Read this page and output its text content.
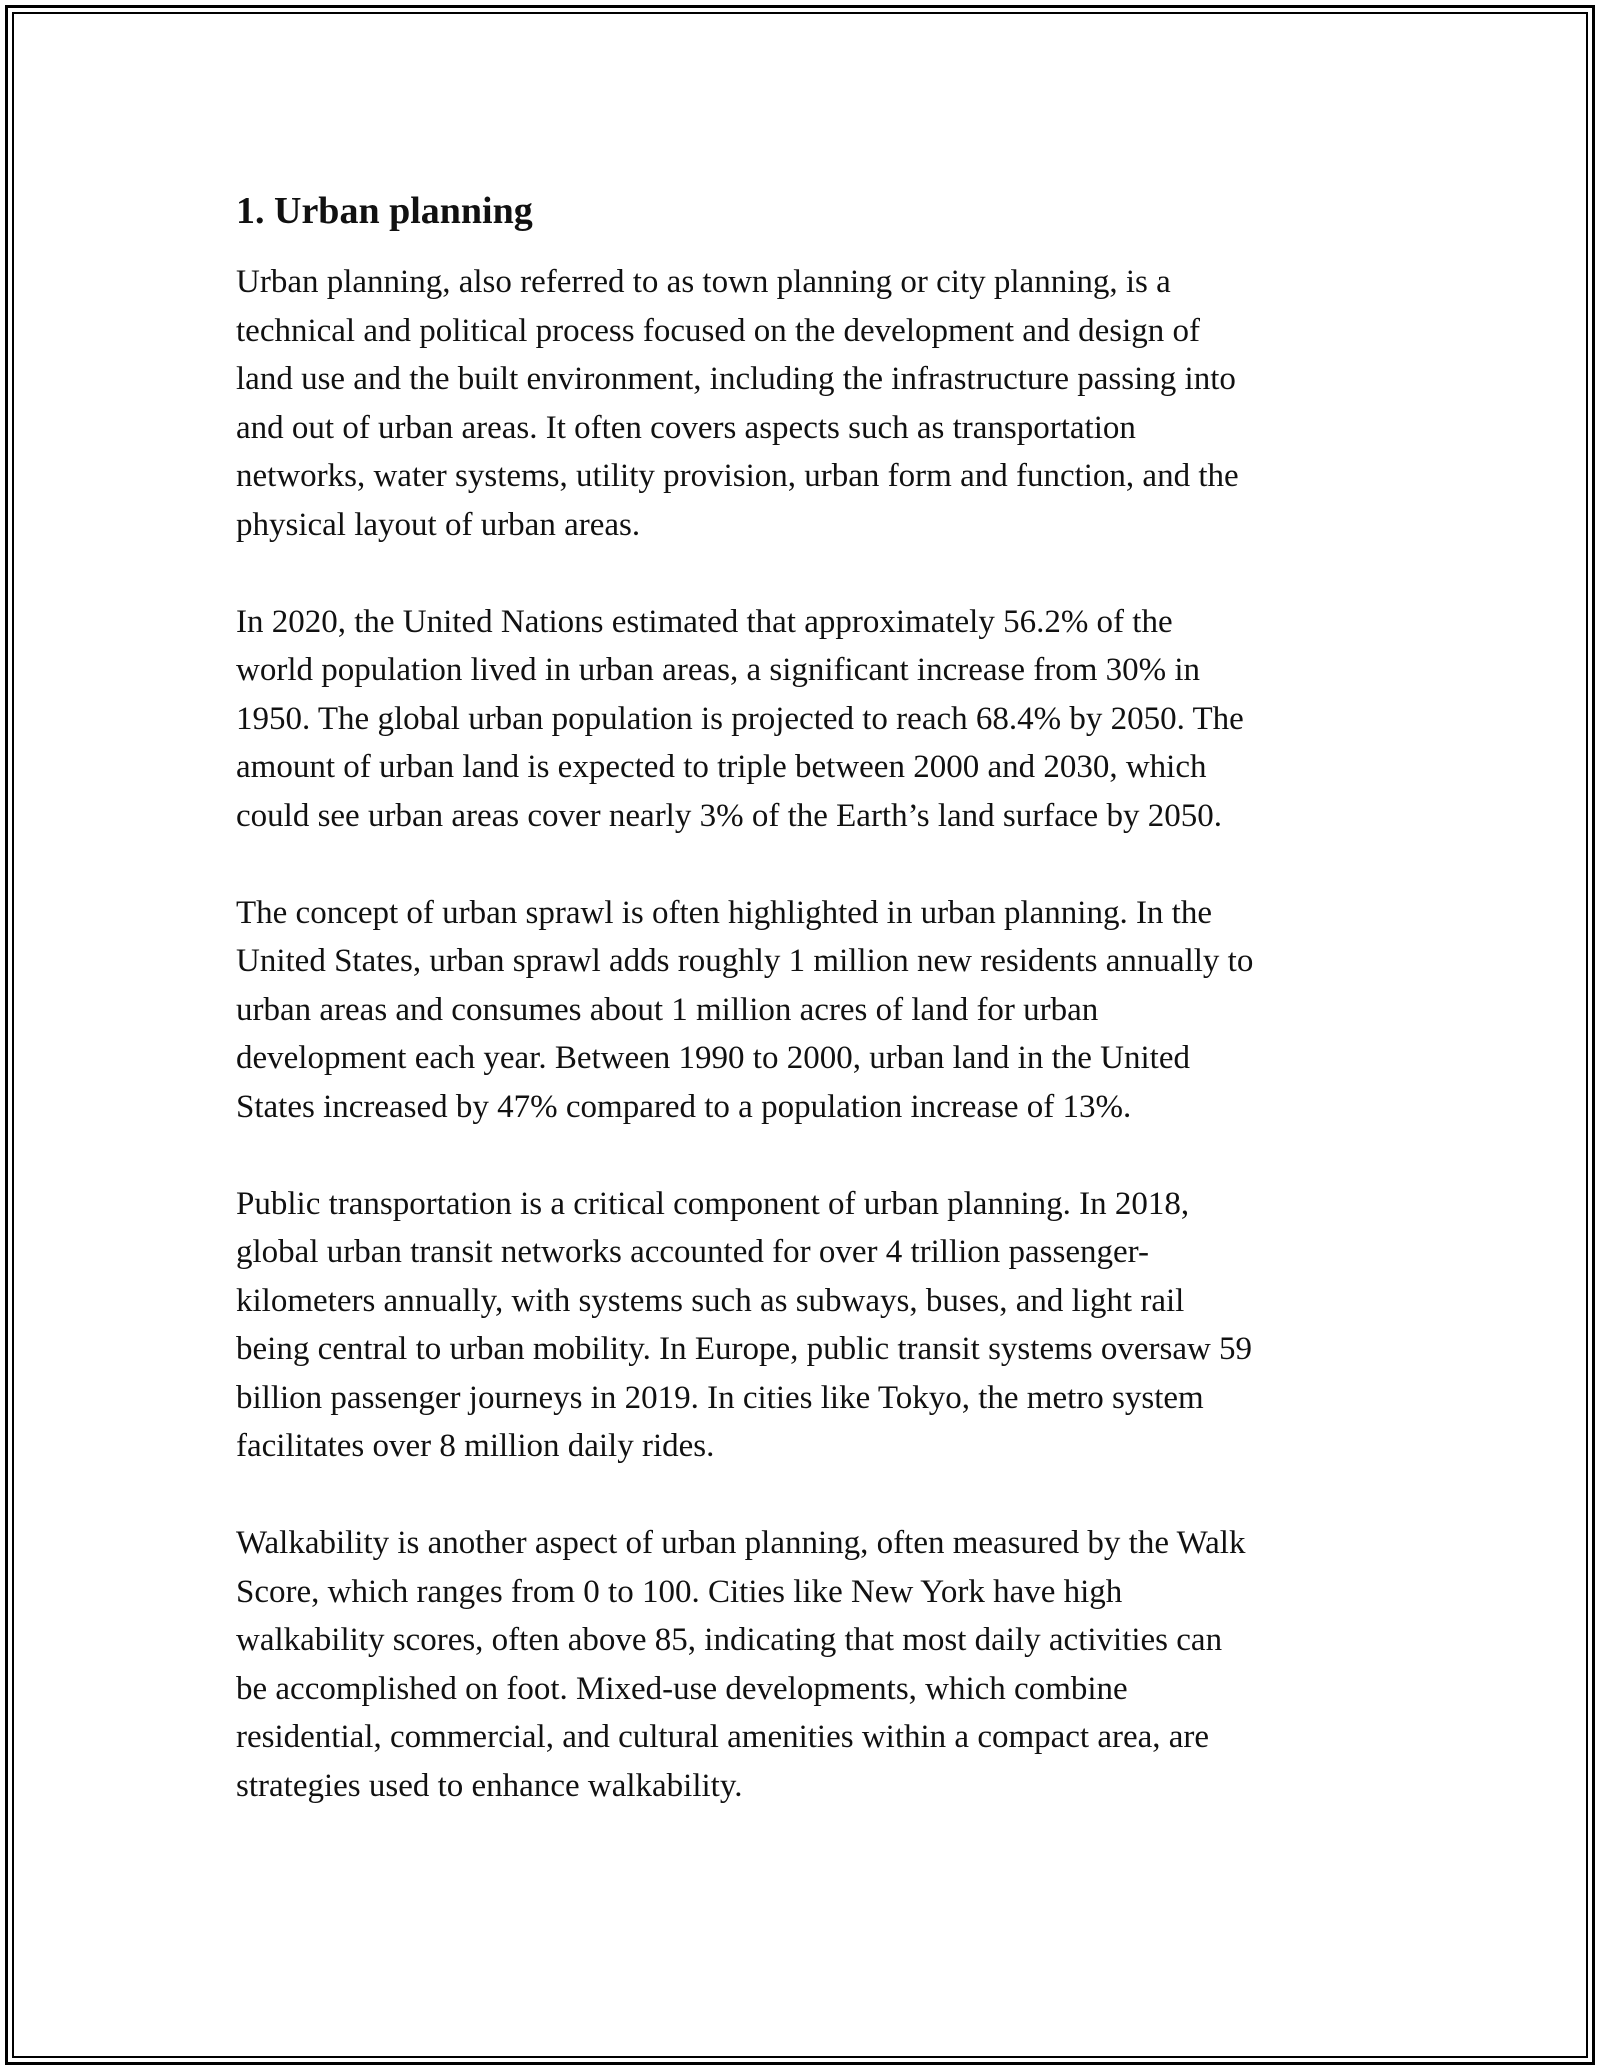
1. Urban planning

Urban planning, also referred to as town planning or city planning, is a
technical and political process focused on the development and design of
land use and the built environment, including the infrastructure passing into
and out of urban areas. It often covers aspects such as transportation
networks, water systems, utility provision, urban form and function, and the
physical layout of urban areas.

In 2020, the United Nations estimated that approximately 56.2% of the
world population lived in urban areas, a significant increase from 30% in
1950. The global urban population is projected to reach 68.4% by 2050. The
amount of urban land is expected to triple between 2000 and 2030, which
could see urban areas cover nearly 3% of the Earth’s land surface by 2050.

The concept of urban sprawl is often highlighted in urban planning. In the
United States, urban sprawl adds roughly 1 million new residents annually to
urban areas and consumes about 1 million acres of land for urban
development each year. Between 1990 to 2000, urban land in the United
States increased by 47% compared to a population increase of 13%.

Public transportation is a critical component of urban planning. In 2018,
global urban transit networks accounted for over 4 trillion passenger-
kilometers annually, with systems such as subways, buses, and light rail
being central to urban mobility. In Europe, public transit systems oversaw 59
billion passenger journeys in 2019. In cities like Tokyo, the metro system
facilitates over 8 million daily rides.

Walkability is another aspect of urban planning, often measured by the Walk
Score, which ranges from 0 to 100. Cities like New York have high
walkability scores, often above 85, indicating that most daily activities can
be accomplished on foot. Mixed-use developments, which combine
residential, commercial, and cultural amenities within a compact area, are
strategies used to enhance walkability.
